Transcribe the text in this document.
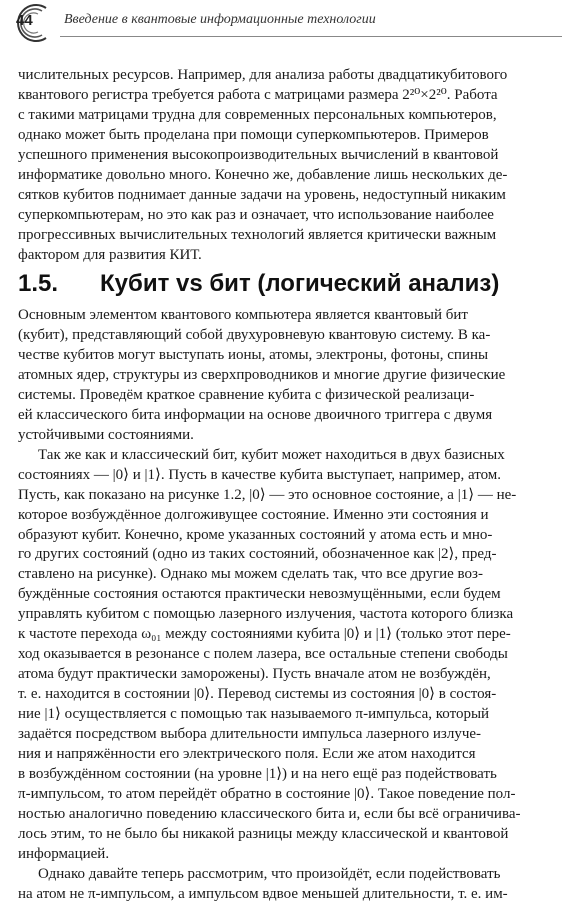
44 Введение в квантовые информационные технологии
числительных ресурсов. Например, для анализа работы двадцатикубитового
квантового регистра требуется работа с матрицами размера 2²⁰×2²⁰. Работа
с такими матрицами трудна для современных персональных компьютеров,
однако может быть проделана при помощи суперкомпьютеров. Примеров
успешного применения высокопроизводительных вычислений в квантовой
информатике довольно много. Конечно же, добавление лишь нескольких де-
сятков кубитов поднимает данные задачи на уровень, недоступный никаким
суперкомпьютерам, но это как раз и означает, что использование наиболее
прогрессивных вычислительных технологий является критически важным
фактором для развития КИТ.
1.5. Кубит vs бит (логический анализ)
Основным элементом квантового компьютера является квантовый бит
(кубит), представляющий собой двухуровневую квантовую систему. В ка-
честве кубитов могут выступать ионы, атомы, электроны, фотоны, спины
атомных ядер, структуры из сверхпроводников и многие другие физические
системы. Проведём краткое сравнение кубита с физической реализаци-
ей классического бита информации на основе двоичного триггера с двумя
устойчивыми состояниями.
Так же как и классический бит, кубит может находиться в двух базисных
состояниях — |0⟩ и |1⟩. Пусть в качестве кубита выступает, например, атом.
Пусть, как показано на рисунке 1.2, |0⟩ — это основное состояние, а |1⟩ — не-
которое возбуждённое долгоживущее состояние. Именно эти состояния и
образуют кубит. Конечно, кроме указанных состояний у атома есть и мно-
го других состояний (одно из таких состояний, обозначенное как |2⟩, пред-
ставлено на рисунке). Однако мы можем сделать так, что все другие воз-
буждённые состояния остаются практически невозмущёнными, если будем
управлять кубитом с помощью лазерного излучения, частота которого близка
к частоте перехода ω₀₁ между состояниями кубита |0⟩ и |1⟩ (только этот пере-
ход оказывается в резонансе с полем лазера, все остальные степени свободы
атома будут практически заморожены). Пусть вначале атом не возбуждён,
т. е. находится в состоянии |0⟩. Перевод системы из состояния |0⟩ в состоя-
ние |1⟩ осуществляется с помощью так называемого π-импульса, который
задаётся посредством выбора длительности импульса лазерного излуче-
ния и напряжённости его электрического поля. Если же атом находится
в возбуждённом состоянии (на уровне |1⟩) и на него ещё раз подействовать
π-импульсом, то атом перейдёт обратно в состояние |0⟩. Такое поведение пол-
ностью аналогично поведению классического бита и, если бы всё ограничива-
лось этим, то не было бы никакой разницы между классической и квантовой
информацией.
Однако давайте теперь рассмотрим, что произойдёт, если подействовать
на атом не π-импульсом, а импульсом вдвое меньшей длительности, т. е. им-
